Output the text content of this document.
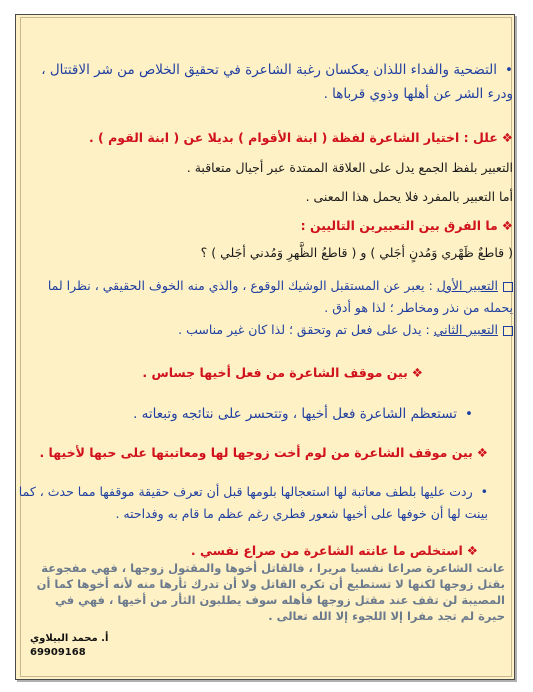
• التضحية والفداء اللذان يعكسان رغبة الشاعرة في تحقيق الخلاص من شر الاقتتال ، ودرء الشر عن أهلها وذوي قرباها .

❖ علل : اختيار الشاعرة لفظة ( ابنة الأقوام ) بديلا عن ( ابنة القوم ) .

التعبير بلفظ الجمع يدل على العلاقة الممتدة عبر أجيال متعاقبة .

أما التعبير بالمفرد فلا يحمل هذا المعنى .

❖ ما الفرق بين التعبيرين التاليين :

( قاطعٌ ظَهْري وَمُدنٍ أجَلي ) و ( قاطعُ الظَّهرِ وَمُدني أجَلي ) ؟

التعبير الأول : يعبر عن المستقبل الوشيك الوقوع ، والذي منه الخوف الحقيقي ، نظرا لما يحمله من نذر ومخاطر ؛ لذا هو أدق .

التعبير الثاني : يدل على فعل تم وتحقق ؛ لذا كان غير مناسب .

❖ بين موقف الشاعرة من فعل أخيها جساس .

• تستعظم الشاعرة فعل أخيها ، وتتحسر على نتائجه وتبعاته .

❖ بين موقف الشاعرة من لوم أخت زوجها لها ومعاتبتها على حبها لأخيها .

• ردت عليها بلطف معاتبة لها استعجالها بلومها قبل أن تعرف حقيقة موقفها مما حدث ، كما بينت لها أن خوفها على أخيها شعور فطري رغم عظم ما قام به وفداحته .

❖ استخلص ما عانته الشاعرة من صراع نفسي .

عانت الشاعرة صراعا نفسيا مريرا ، فالقاتل أخوها والمقتول زوجها ، فهي مفجوعة بقتل زوجها لكنها لا تستطيع أن تكره القاتل ولا أن تدرك ثأرها منه لأنه أخوها كما أن المصيبة لن تقف عند مقتل زوجها فأهله سوف يطلبون الثأر من أخيها ، فهي في حيرة لم تجد مفرا إلا اللجوء إلا الله تعالى .

أ. محمد البيلاوي
69909168
